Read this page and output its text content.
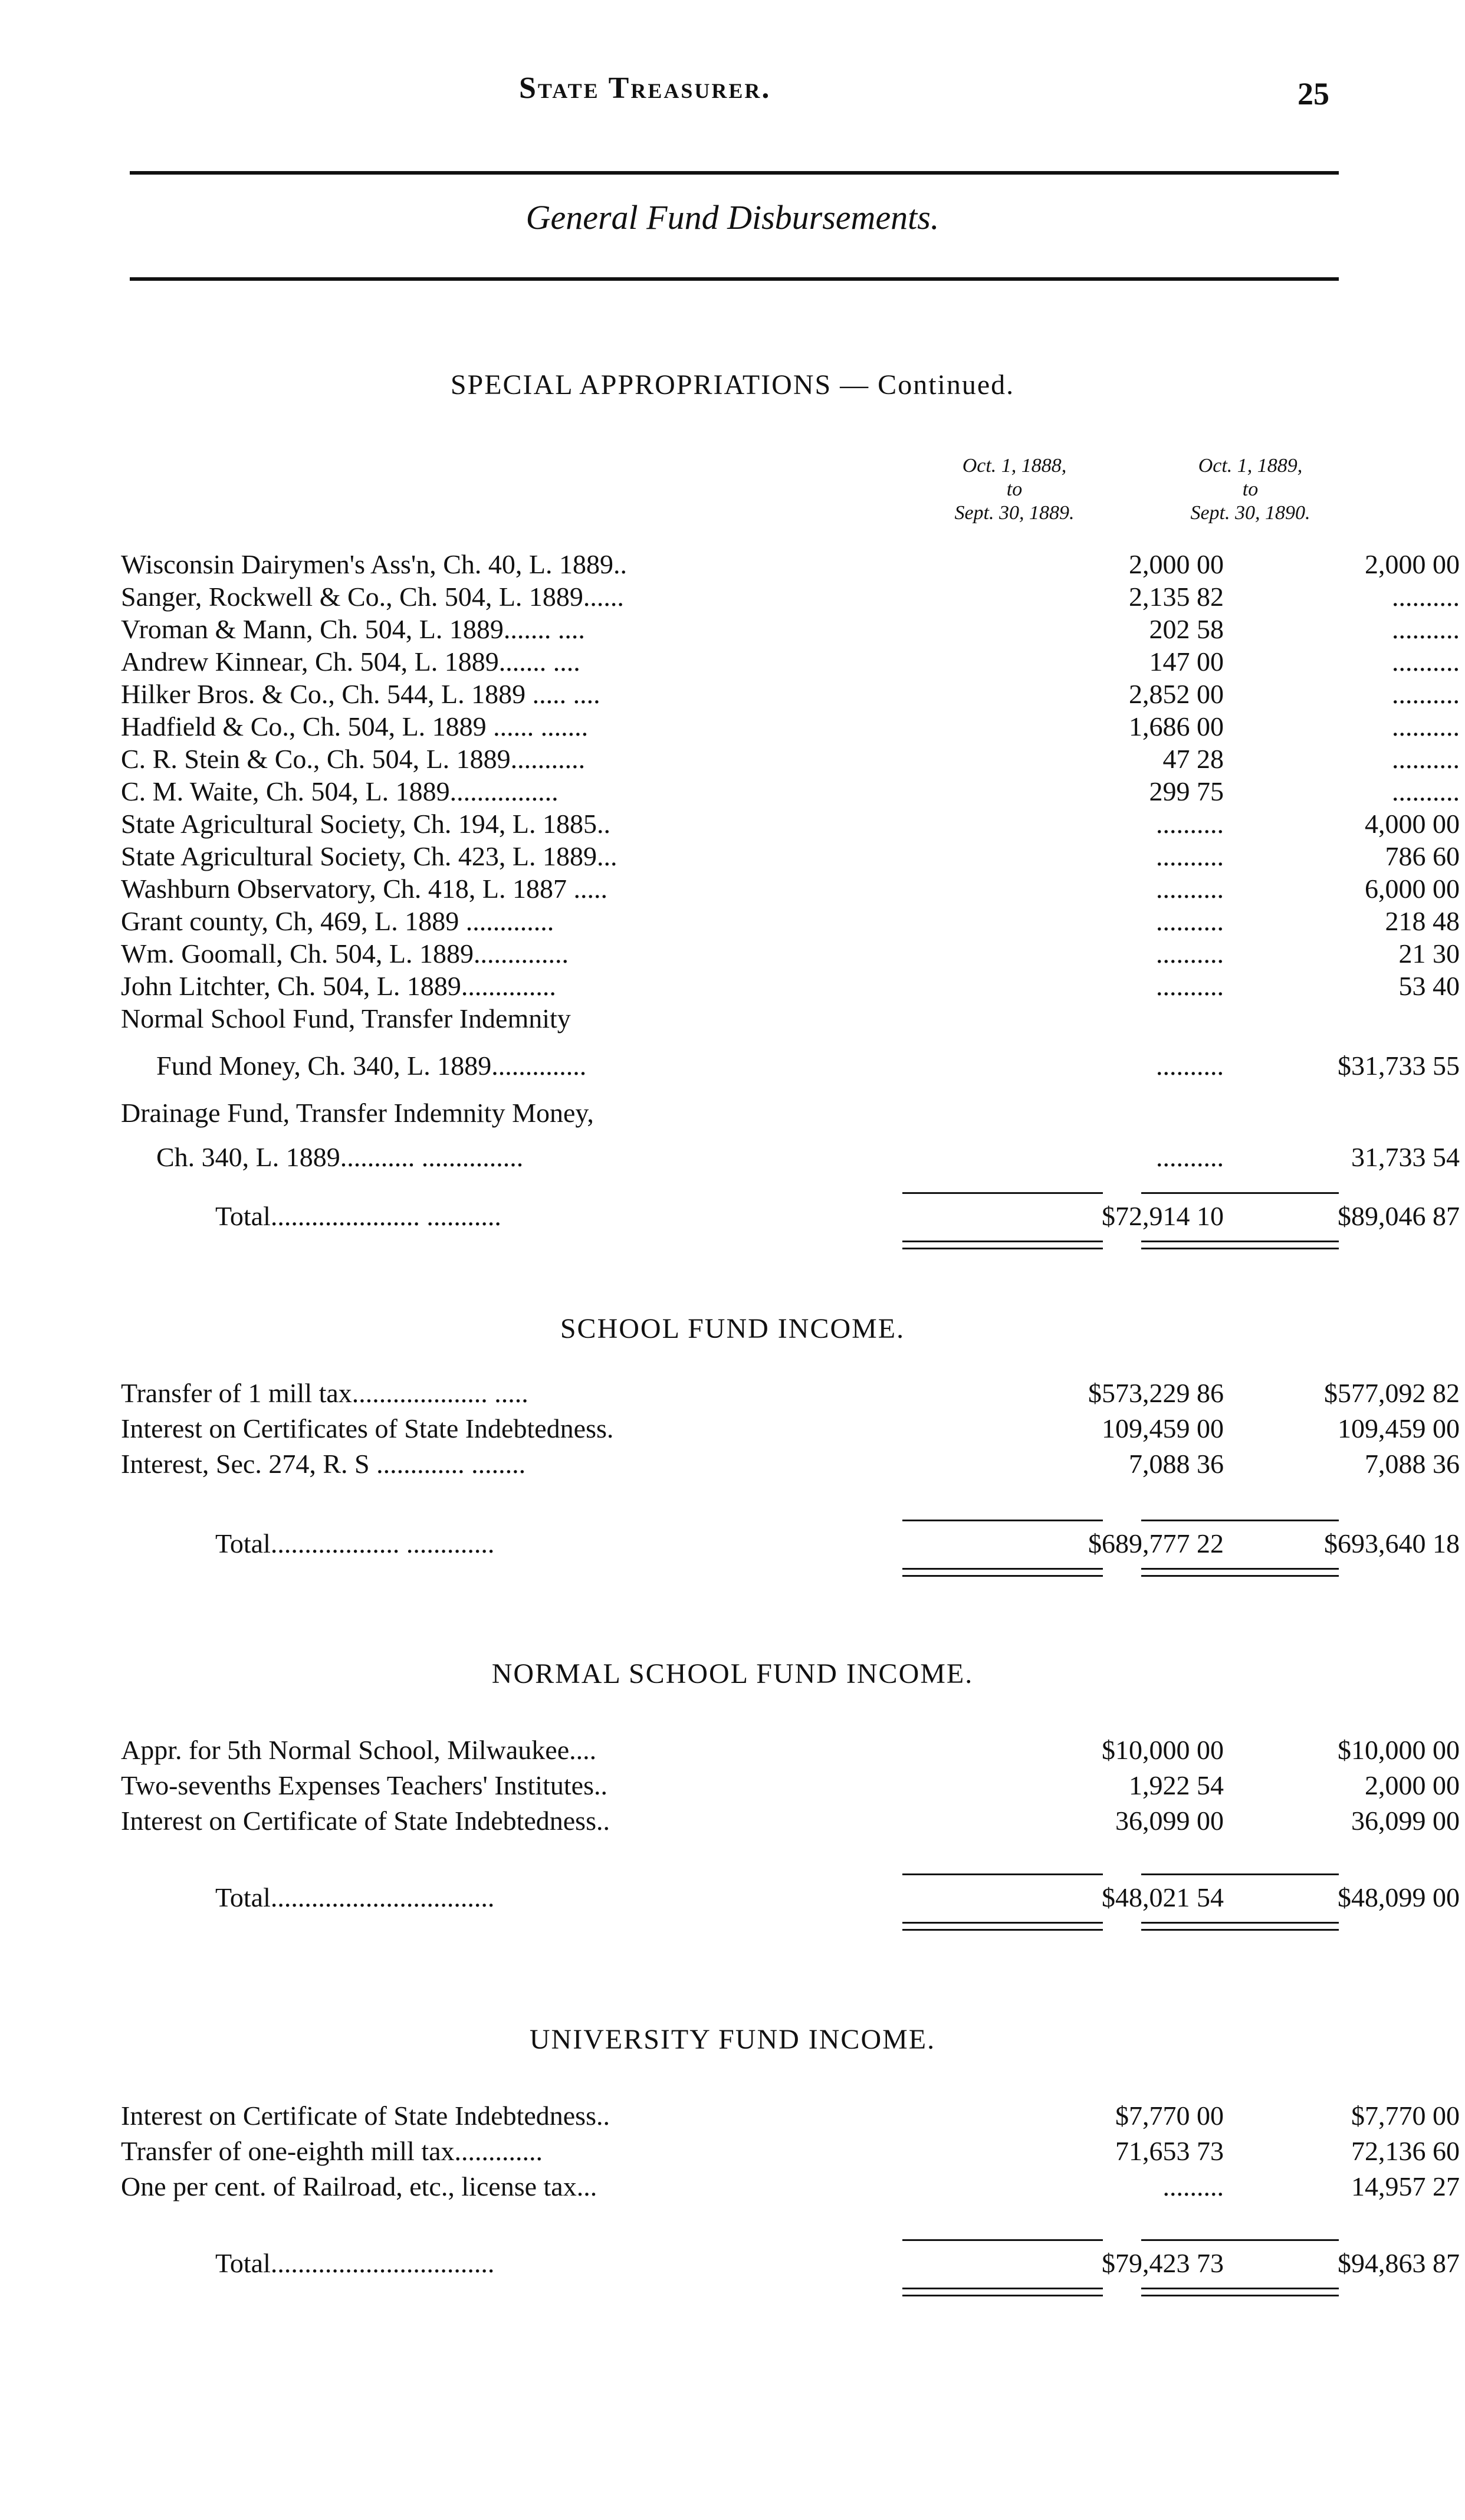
State Treasurer.	25
General Fund Disbursements.
SPECIAL APPROPRIATIONS — Continued.
Oct. 1, 1888,
to
Sept. 30, 1889.
Oct. 1, 1889,
to
Sept. 30, 1890.
Wisconsin Dairymen's Ass'n, Ch. 40, L. 1889..	2,000 00	2,000 00
Sanger, Rockwell & Co., Ch. 504, L. 1889......	2,135 82	..........
Vroman & Mann, Ch. 504, L. 1889....... ....	202 58	..........
Andrew Kinnear, Ch. 504, L. 1889....... ....	147 00	..........
Hilker Bros. & Co., Ch. 544, L. 1889 ..... ....	2,852 00	..........
Hadfield & Co., Ch. 504, L. 1889 ...... .......	1,686 00	..........
C. R. Stein & Co., Ch. 504, L. 1889...........	47 28	..........
C. M. Waite, Ch. 504, L. 1889................	299 75	..........
State Agricultural Society, Ch. 194, L. 1885..	..........	4,000 00
State Agricultural Society, Ch. 423, L. 1889...	..........	786 60
Washburn Observatory, Ch. 418, L. 1887 .....	..........	6,000 00
Grant county, Ch, 469, L. 1889 .............	..........	218 48
Wm. Goomall, Ch. 504, L. 1889..............	..........	21 30
John Litchter, Ch. 504, L. 1889..............	..........	53 40
Normal School Fund, Transfer Indemnity
Fund Money, Ch. 340, L. 1889..............	..........	$31,733 55
Drainage Fund, Transfer Indemnity Money,
Ch. 340, L. 1889........... ...............	..........	31,733 54
Total...................... ...........	$72,914 10	$89,046 87
Transfer of 1 mill tax.................... .....	$573,229 86	$577,092 82
Interest on Certificates of State Indebtedness.	109,459 00	109,459 00
Interest, Sec. 274, R. S ............. ........	7,088 36	7,088 36
Total................... .............	$689,777 22	$693,640 18
Appr. for 5th Normal School, Milwaukee....	$10,000 00	$10,000 00
Two-sevenths Expenses Teachers' Institutes..	1,922 54	2,000 00
Interest on Certificate of State Indebtedness..	36,099 00	36,099 00
Total.................................	$48,021 54	$48,099 00
Interest on Certificate of State Indebtedness..	$7,770 00	$7,770 00
Transfer of one-eighth mill tax.............	71,653 73	72,136 60
One per cent. of Railroad, etc., license tax...	.........	14,957 27
Total.................................	$79,423 73	$94,863 87
SCHOOL FUND INCOME.
NORMAL SCHOOL FUND INCOME.
UNIVERSITY FUND INCOME.
